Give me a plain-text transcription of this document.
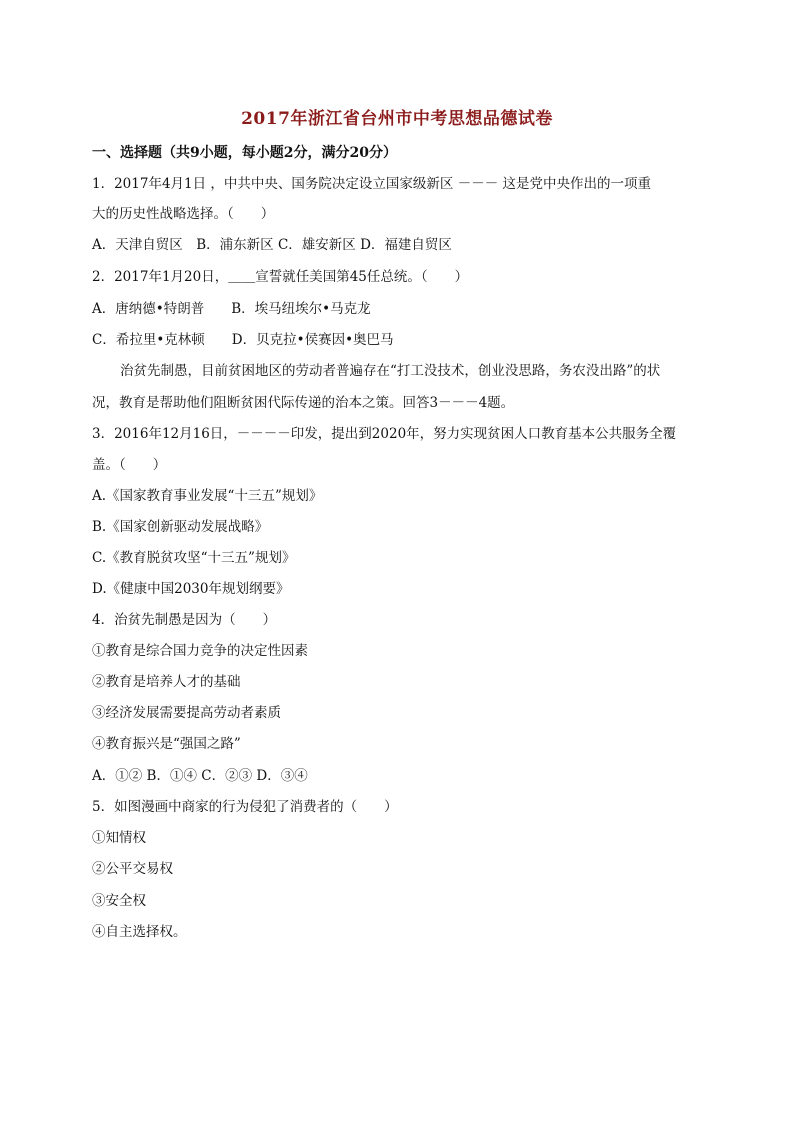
2017年浙江省台州市中考思想品德试卷
一、选择题（共9小题，每小题2分，满分20分）
1．2017年4月1日 ，中共中央、国务院决定设立国家级新区 －－－ 这是党中央作出的一项重
大的历史性战略选择。（　　）
A．天津自贸区　B．浦东新区 C．雄安新区 D．福建自贸区
2．2017年1月20日，＿＿宣誓就任美国第45任总统。（　　）
A．唐纳德•特朗普　　B．埃马纽埃尔•马克龙
C．希拉里•克林顿　　D．贝克拉•侯赛因•奥巴马
治贫先制愚，目前贫困地区的劳动者普遍存在“打工没技术，创业没思路，务农没出路”的状
况，教育是帮助他们阻断贫困代际传递的治本之策。回答3－－－4题。
3．2016年12月16日，－－－－印发，提出到2020年，努力实现贫困人口教育基本公共服务全覆
盖。（　　）
A.《国家教育事业发展“十三五”规划》
B.《国家创新驱动发展战略》
C.《教育脱贫攻坚“十三五”规划》
D.《健康中国2030年规划纲要》
4．治贫先制愚是因为（　　）
①教育是综合国力竞争的决定性因素
②教育是培养人才的基础
③经济发展需要提高劳动者素质
④教育振兴是“强国之路”
A．①② B．①④ C．②③ D．③④
5．如图漫画中商家的行为侵犯了消费者的（　　）
①知情权
②公平交易权
③安全权
④自主选择权。
